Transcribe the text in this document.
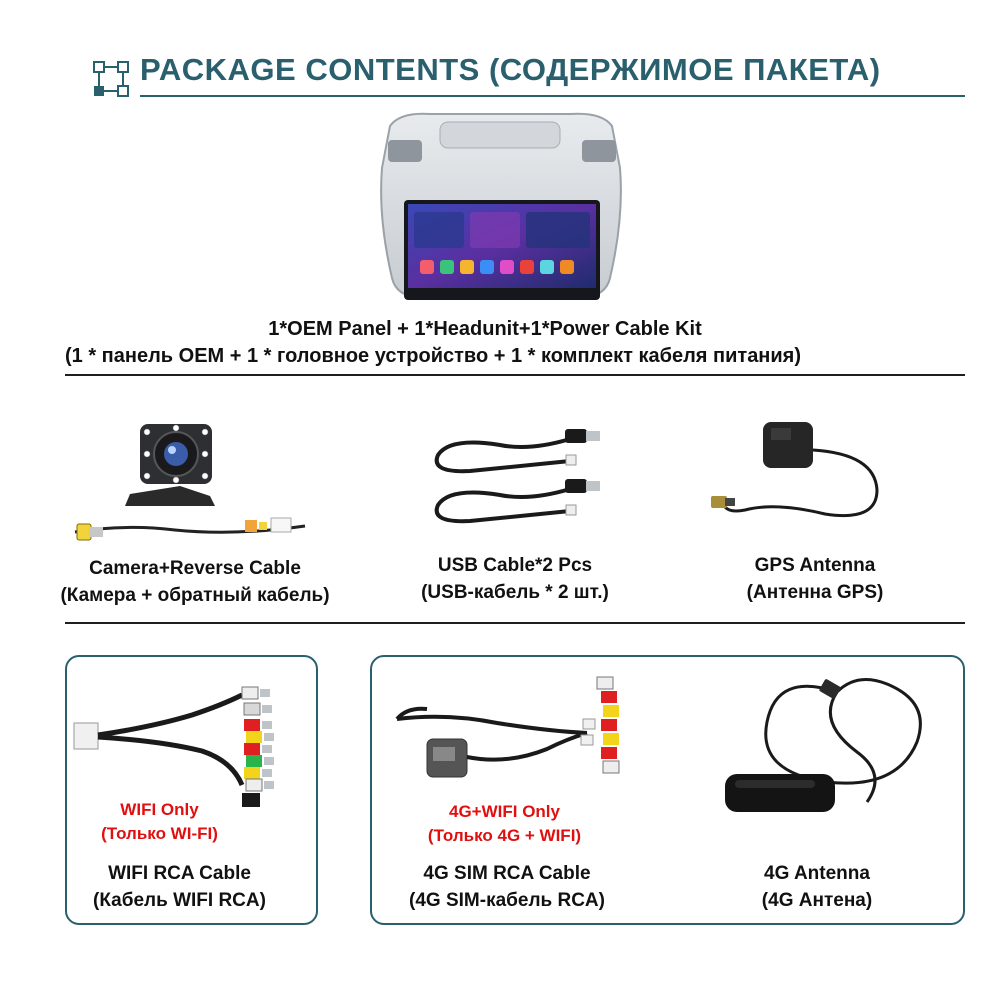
PACKAGE CONTENTS (СОДЕРЖИМОЕ ПАКЕТА)
1*OEM Panel + 1*Headunit+1*Power Cable Kit
(1 * панель OEM + 1 * головное устройство + 1 * комплект кабеля питания)
Camera+Reverse Cable
(Камера + обратный кабель)
USB Cable*2 Pcs
(USB-кабель * 2 шт.)
GPS Antenna
(Антенна GPS)
WIFI Only
(Только WI-FI)
WIFI RCA Cable
(Кабель WIFI RCA)
4G+WIFI Only
(Только 4G + WIFI)
4G SIM RCA Cable
(4G SIM-кабель RCA)
4G Antenna
(4G Антена)
